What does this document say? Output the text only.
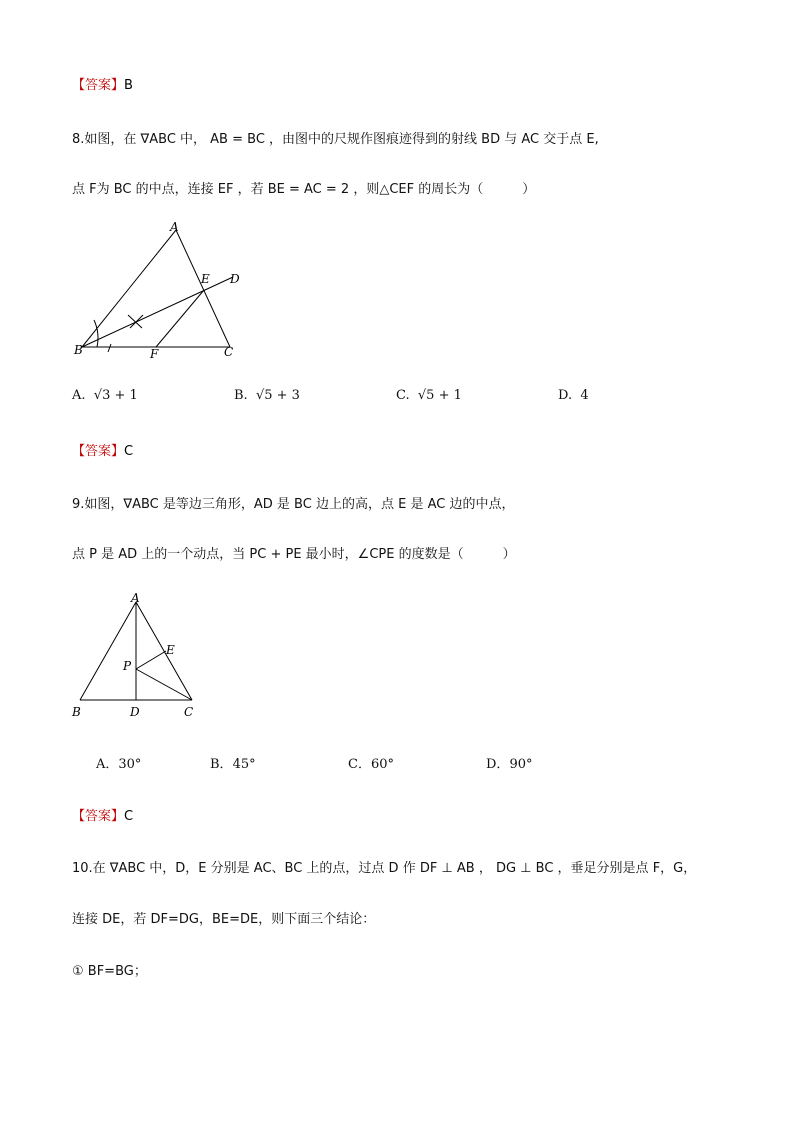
【答案】B
8.如图，在 ∇ABC 中， AB = BC ，由图中的尺规作图痕迹得到的射线 BD 与 AC 交于点 E,
点 F为 BC 的中点，连接 EF ，若 BE = AC = 2 ，则△CEF 的周长为（　　　）
A
B	C
D
E
F
A. √3 + 1	B. √5 + 3	C. √5 + 1	D. 4
【答案】C
9.如图，∇ABC 是等边三角形，AD 是 BC 边上的高，点 E 是 AC 边的中点，
点 P 是 AD 上的一个动点，当 PC + PE 最小时，∠CPE 的度数是（　　　）
A
B	D	C
E
P
A．30°	B．45°	C．60°	D．90°
【答案】C
10.在 ∇ABC 中，D，E 分别是 AC、BC 上的点，过点 D 作 DF ⊥ AB ， DG ⊥ BC ，垂足分别是点 F，G，
连接 DE，若 DF=DG，BE=DE，则下面三个结论：
① BF=BG；
